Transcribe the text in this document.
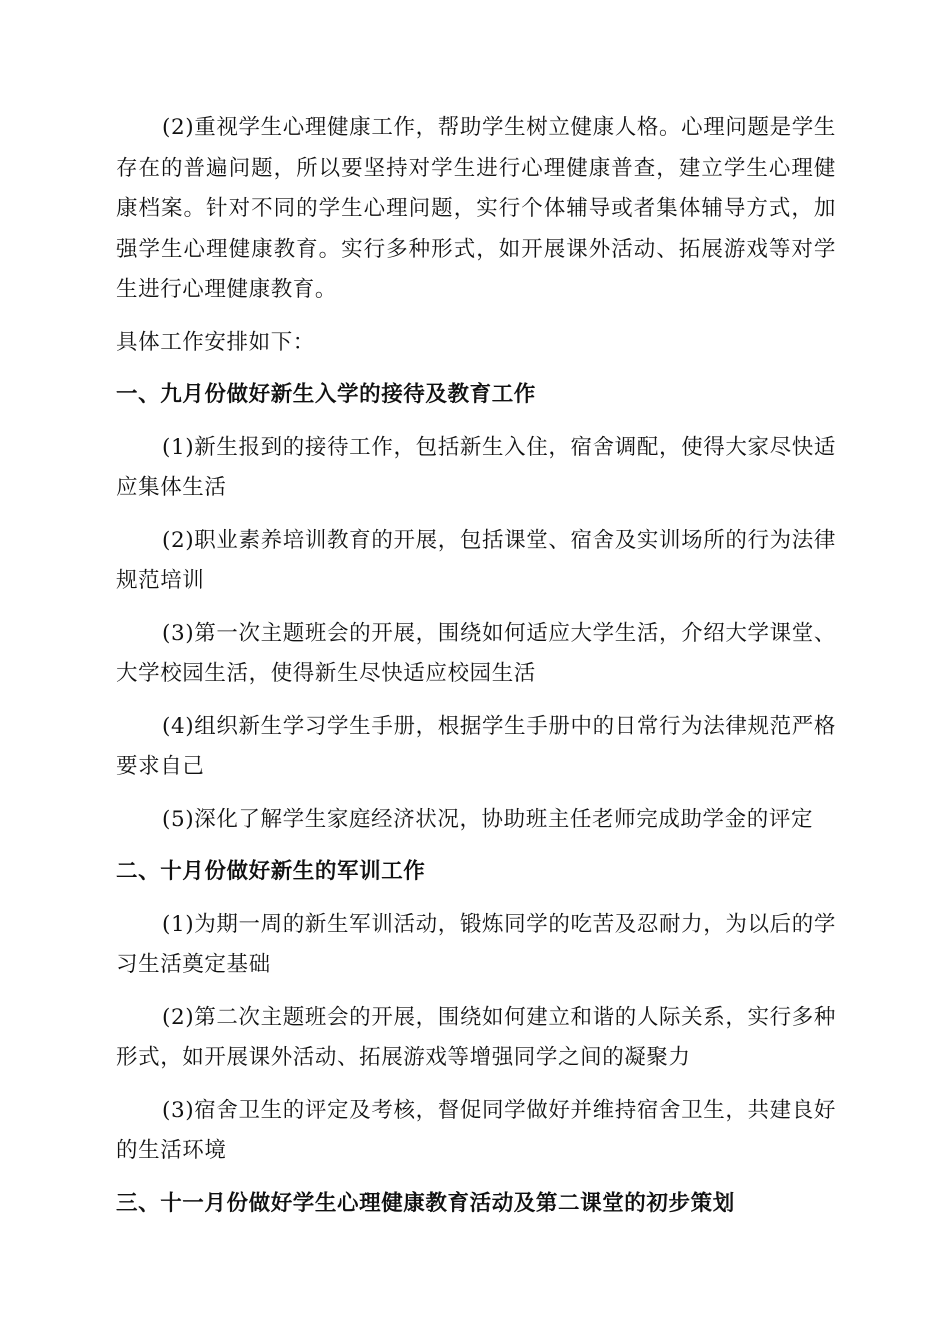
(2)重视学生心理健康工作，帮助学生树立健康人格。心理问题是学生存在的普遍问题，所以要坚持对学生进行心理健康普查，建立学生心理健康档案。针对不同的学生心理问题，实行个体辅导或者集体辅导方式，加强学生心理健康教育。实行多种形式，如开展课外活动、拓展游戏等对学生进行心理健康教育。

具体工作安排如下：

一、九月份做好新生入学的接待及教育工作

(1)新生报到的接待工作，包括新生入住，宿舍调配，使得大家尽快适应集体生活

(2)职业素养培训教育的开展，包括课堂、宿舍及实训场所的行为法律规范培训

(3)第一次主题班会的开展，围绕如何适应大学生活，介绍大学课堂、大学校园生活，使得新生尽快适应校园生活

(4)组织新生学习学生手册，根据学生手册中的日常行为法律规范严格要求自己

(5)深化了解学生家庭经济状况，协助班主任老师完成助学金的评定

二、十月份做好新生的军训工作

(1)为期一周的新生军训活动，锻炼同学的吃苦及忍耐力，为以后的学习生活奠定基础

(2)第二次主题班会的开展，围绕如何建立和谐的人际关系，实行多种形式，如开展课外活动、拓展游戏等增强同学之间的凝聚力

(3)宿舍卫生的评定及考核，督促同学做好并维持宿舍卫生，共建良好的生活环境

三、十一月份做好学生心理健康教育活动及第二课堂的初步策划
